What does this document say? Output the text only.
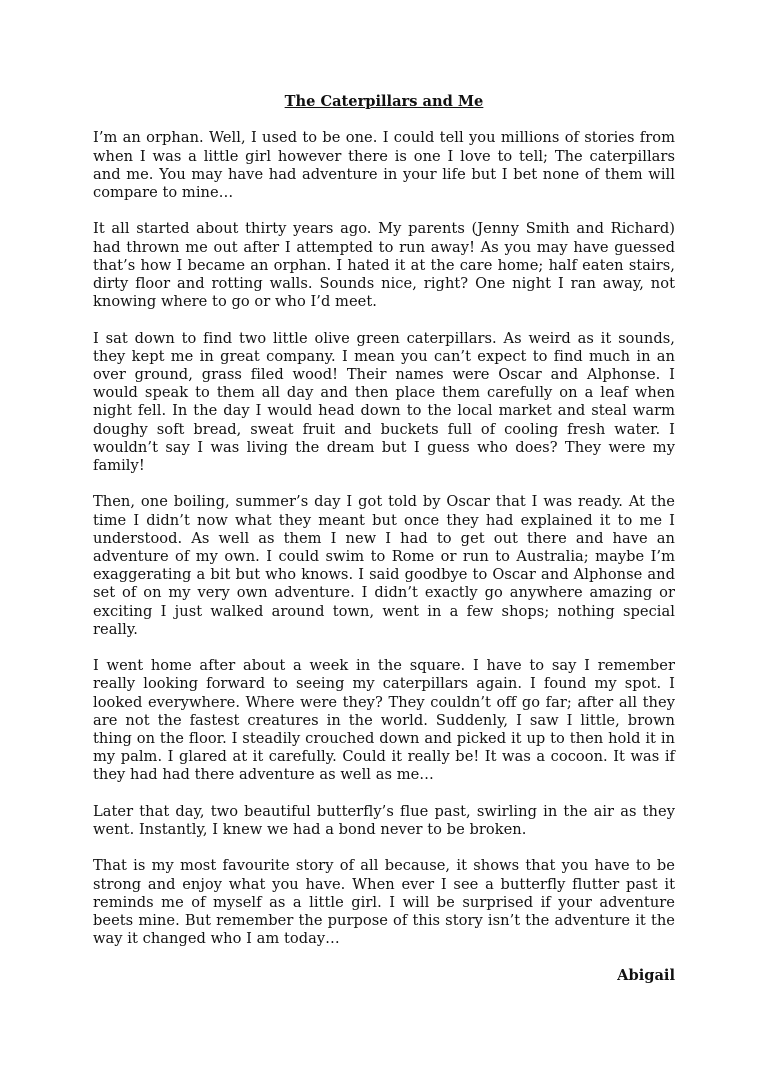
The Caterpillars and Me

I’m an orphan. Well, I used to be one. I could tell you millions of stories from when I was a little girl however there is one I love to tell; The caterpillars and me. You may have had adventure in your life but I bet none of them will compare to mine…

It all started about thirty years ago. My parents (Jenny Smith and Richard) had thrown me out after I attempted to run away! As you may have guessed that’s how I became an orphan. I hated it at the care home; half eaten stairs, dirty floor and rotting walls. Sounds nice, right? One night I ran away, not knowing where to go or who I’d meet.

I sat down to find two little olive green caterpillars. As weird as it sounds, they kept me in great company. I mean you can’t expect to find much in an over ground, grass filed wood! Their names were Oscar and Alphonse. I would speak to them all day and then place them carefully on a leaf when night fell. In the day I would head down to the local market and steal warm doughy soft bread, sweat fruit and buckets full of cooling fresh water. I wouldn’t say I was living the dream but I guess who does? They were my family!

Then, one boiling, summer’s day I got told by Oscar that I was ready. At the time I didn’t now what they meant but once they had explained it to me I understood. As well as them I new I had to get out there and have an adventure of my own. I could swim to Rome or run to Australia; maybe I’m exaggerating a bit but who knows. I said goodbye to Oscar and Alphonse and set of on my very own adventure. I didn’t exactly go anywhere amazing or exciting I just walked around town, went in a few shops; nothing special really.

I went home after about a week in the square. I have to say I remember really looking forward to seeing my caterpillars again. I found my spot. I looked everywhere. Where were they? They couldn’t off go far; after all they are not the fastest creatures in the world. Suddenly, I saw I little, brown thing on the floor. I steadily crouched down and picked it up to then hold it in my palm. I glared at it carefully. Could it really be! It was a cocoon. It was if they had had there adventure as well as me…

Later that day, two beautiful butterfly’s flue past, swirling in the air as they went. Instantly, I knew we had a bond never to be broken.

That is my most favourite story of all because, it shows that you have to be strong and enjoy what you have. When ever I see a butterfly flutter past it reminds me of myself as a little girl. I will be surprised if your adventure beets mine. But remember the purpose of this story isn’t the adventure it the way it changed who I am today…

Abigail
